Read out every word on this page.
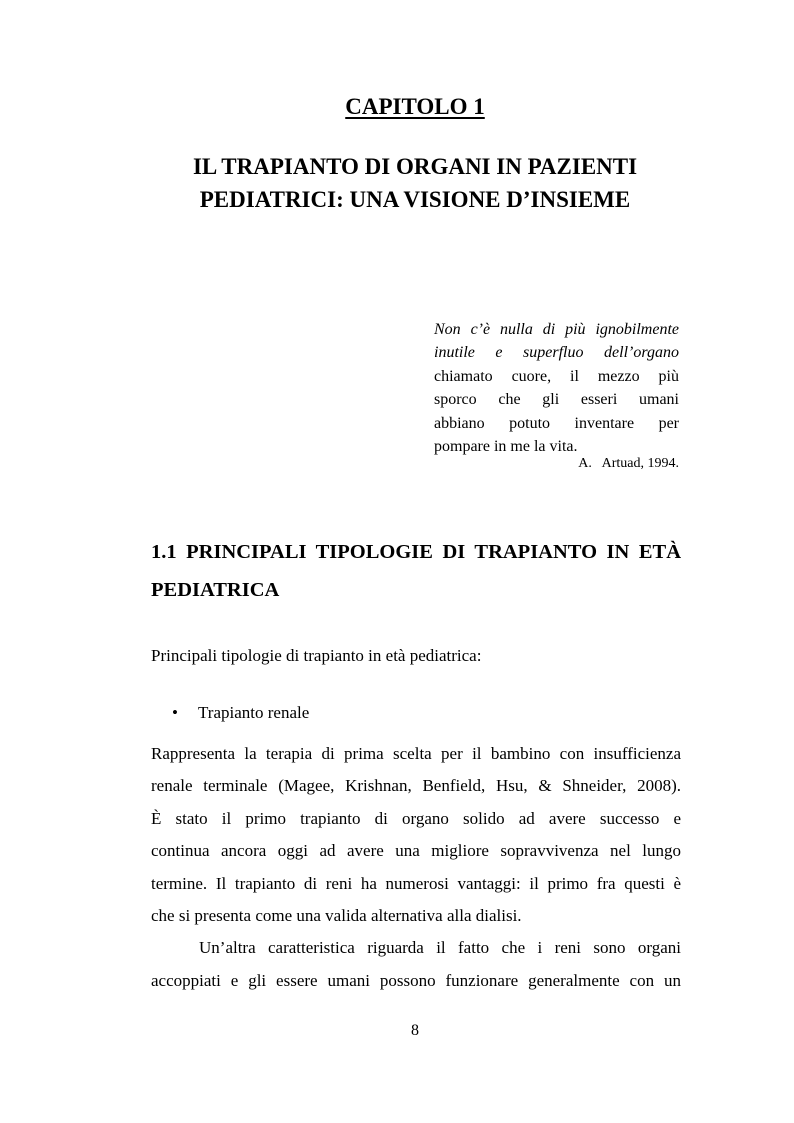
CAPITOLO 1
IL TRAPIANTO DI ORGANI IN PAZIENTI
PEDIATRICI: UNA VISIONE D’INSIEME
Non c’è nulla di più ignobilmente
inutile e superfluo dell’organo
chiamato cuore, il mezzo più
sporco che gli esseri umani
abbiano potuto inventare per
pompare in me la vita.
A.   Artuad, 1994.
1.1 PRINCIPALI TIPOLOGIE DI TRAPIANTO IN ETÀ
PEDIATRICA
Principali tipologie di trapianto in età pediatrica:
• Trapianto renale
Rappresenta la terapia di prima scelta per il bambino con insufficienza
renale terminale (Magee, Krishnan, Benfield, Hsu, & Shneider, 2008).
È stato il primo trapianto di organo solido ad avere successo e
continua ancora oggi ad avere una migliore sopravvivenza nel lungo
termine. Il trapianto di reni ha numerosi vantaggi: il primo fra questi è
che si presenta come una valida alternativa alla dialisi.
Un’altra caratteristica riguarda il fatto che i reni sono organi
accoppiati e gli essere umani possono funzionare generalmente con un
8
